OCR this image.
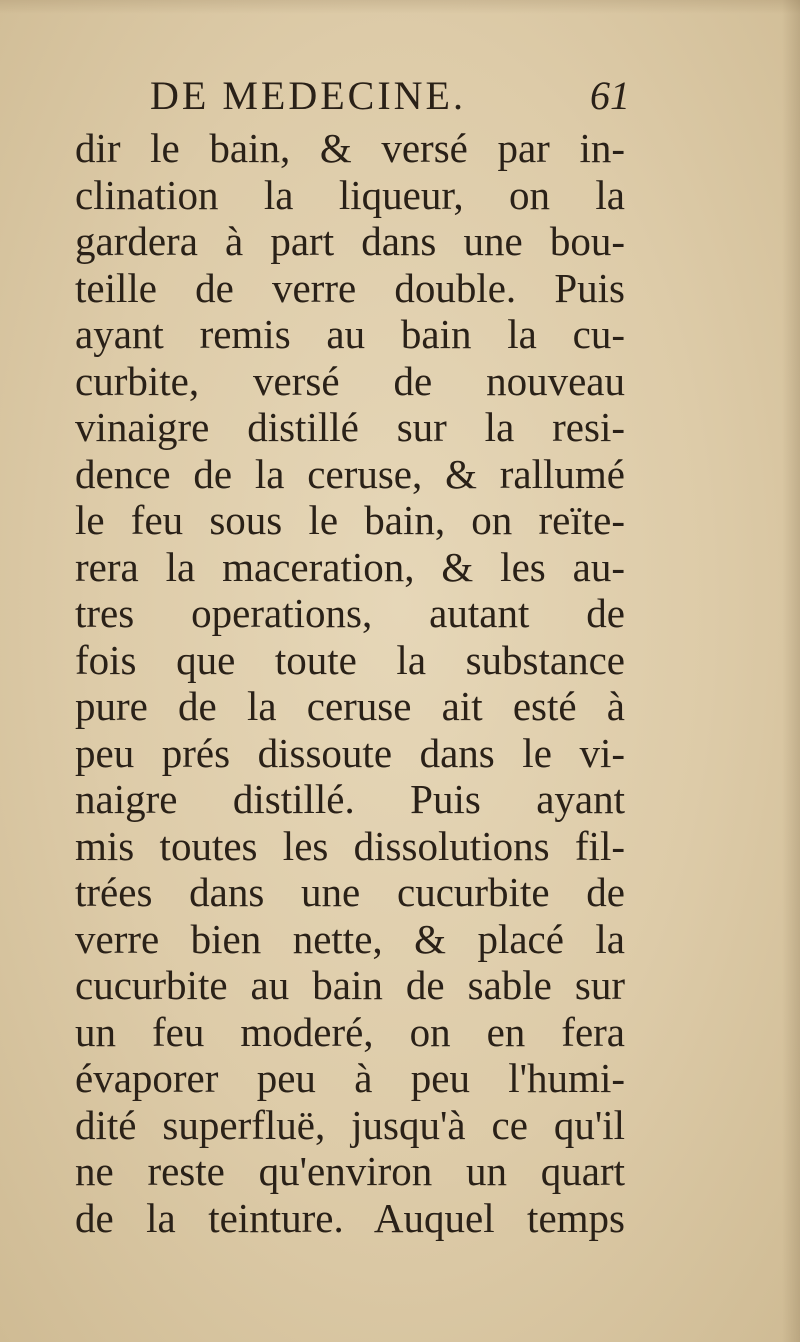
DE MEDECINE.	61
dir le bain, & versé par in-
clination la liqueur, on la
gardera à part dans une bou-
teille de verre double. Puis
ayant remis au bain la cu-
curbite, versé de nouveau
vinaigre distillé sur la resi-
dence de la ceruse, & rallumé
le feu sous le bain, on reïte-
rera la maceration, & les au-
tres operations, autant de
fois que toute la substance
pure de la ceruse ait esté à
peu prés dissoute dans le vi-
naigre distillé. Puis ayant
mis toutes les dissolutions fil-
trées dans une cucurbite de
verre bien nette, & placé la
cucurbite au bain de sable sur
un feu moderé, on en fera
évaporer peu à peu l'humi-
dité superfluë, jusqu'à ce qu'il
ne reste qu'environ un quart
de la teinture. Auquel temps
